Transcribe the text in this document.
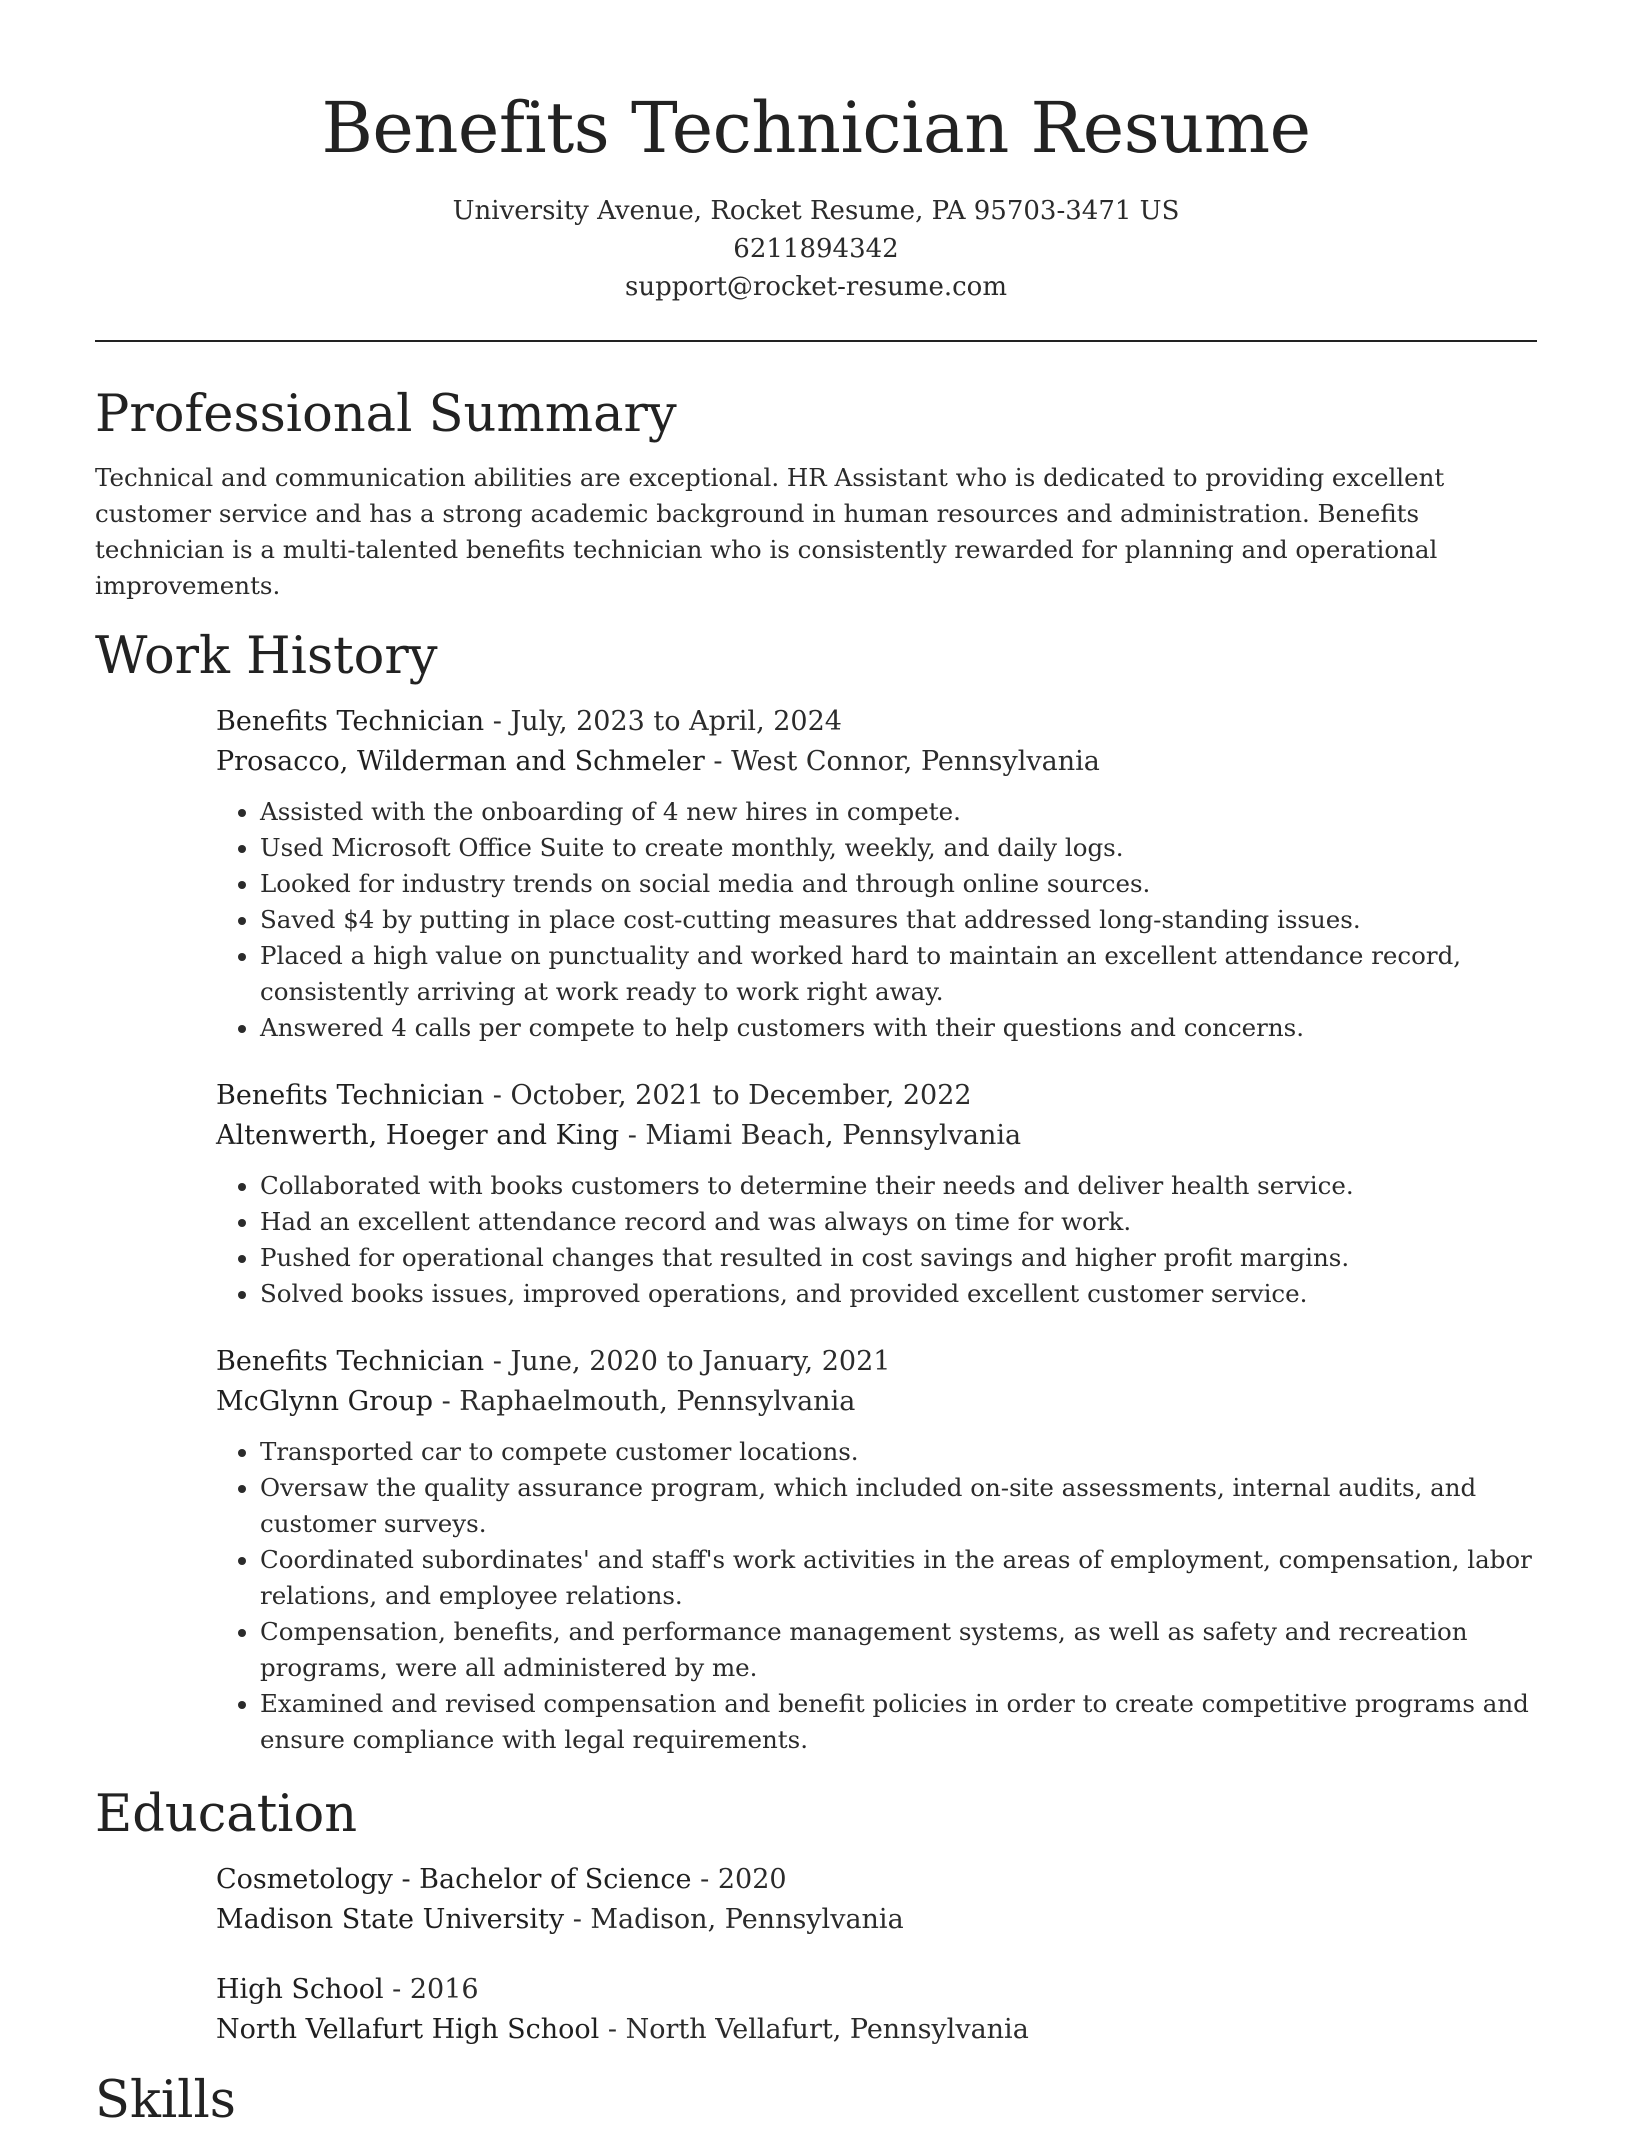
Benefits Technician Resume
University Avenue, Rocket Resume, PA 95703-3471 US
6211894342
support@rocket-resume.com
Professional Summary

Technical and communication abilities are exceptional. HR Assistant who is dedicated to providing excellent customer service and has a strong academic background in human resources and administration. Benefits technician is a multi-talented benefits technician who is consistently rewarded for planning and operational improvements.

Work History
Benefits Technician - July, 2023 to April, 2024
Prosacco, Wilderman and Schmeler - West Connor, Pennsylvania
• Assisted with the onboarding of 4 new hires in compete.
• Used Microsoft Office Suite to create monthly, weekly, and daily logs.
• Looked for industry trends on social media and through online sources.
• Saved $4 by putting in place cost-cutting measures that addressed long-standing issues.
• Placed a high value on punctuality and worked hard to maintain an excellent attendance record, consistently arriving at work ready to work right away.
• Answered 4 calls per compete to help customers with their questions and concerns.
Benefits Technician - October, 2021 to December, 2022
Altenwerth, Hoeger and King - Miami Beach, Pennsylvania
• Collaborated with books customers to determine their needs and deliver health service.
• Had an excellent attendance record and was always on time for work.
• Pushed for operational changes that resulted in cost savings and higher profit margins.
• Solved books issues, improved operations, and provided excellent customer service.
Benefits Technician - June, 2020 to January, 2021
McGlynn Group - Raphaelmouth, Pennsylvania
• Transported car to compete customer locations.
• Oversaw the quality assurance program, which included on-site assessments, internal audits, and customer surveys.
• Coordinated subordinates' and staff's work activities in the areas of employment, compensation, labor relations, and employee relations.
• Compensation, benefits, and performance management systems, as well as safety and recreation programs, were all administered by me.
• Examined and revised compensation and benefit policies in order to create competitive programs and ensure compliance with legal requirements.
Education
Cosmetology - Bachelor of Science - 2020
Madison State University - Madison, Pennsylvania
High School - 2016
North Vellafurt High School - North Vellafurt, Pennsylvania
Skills
